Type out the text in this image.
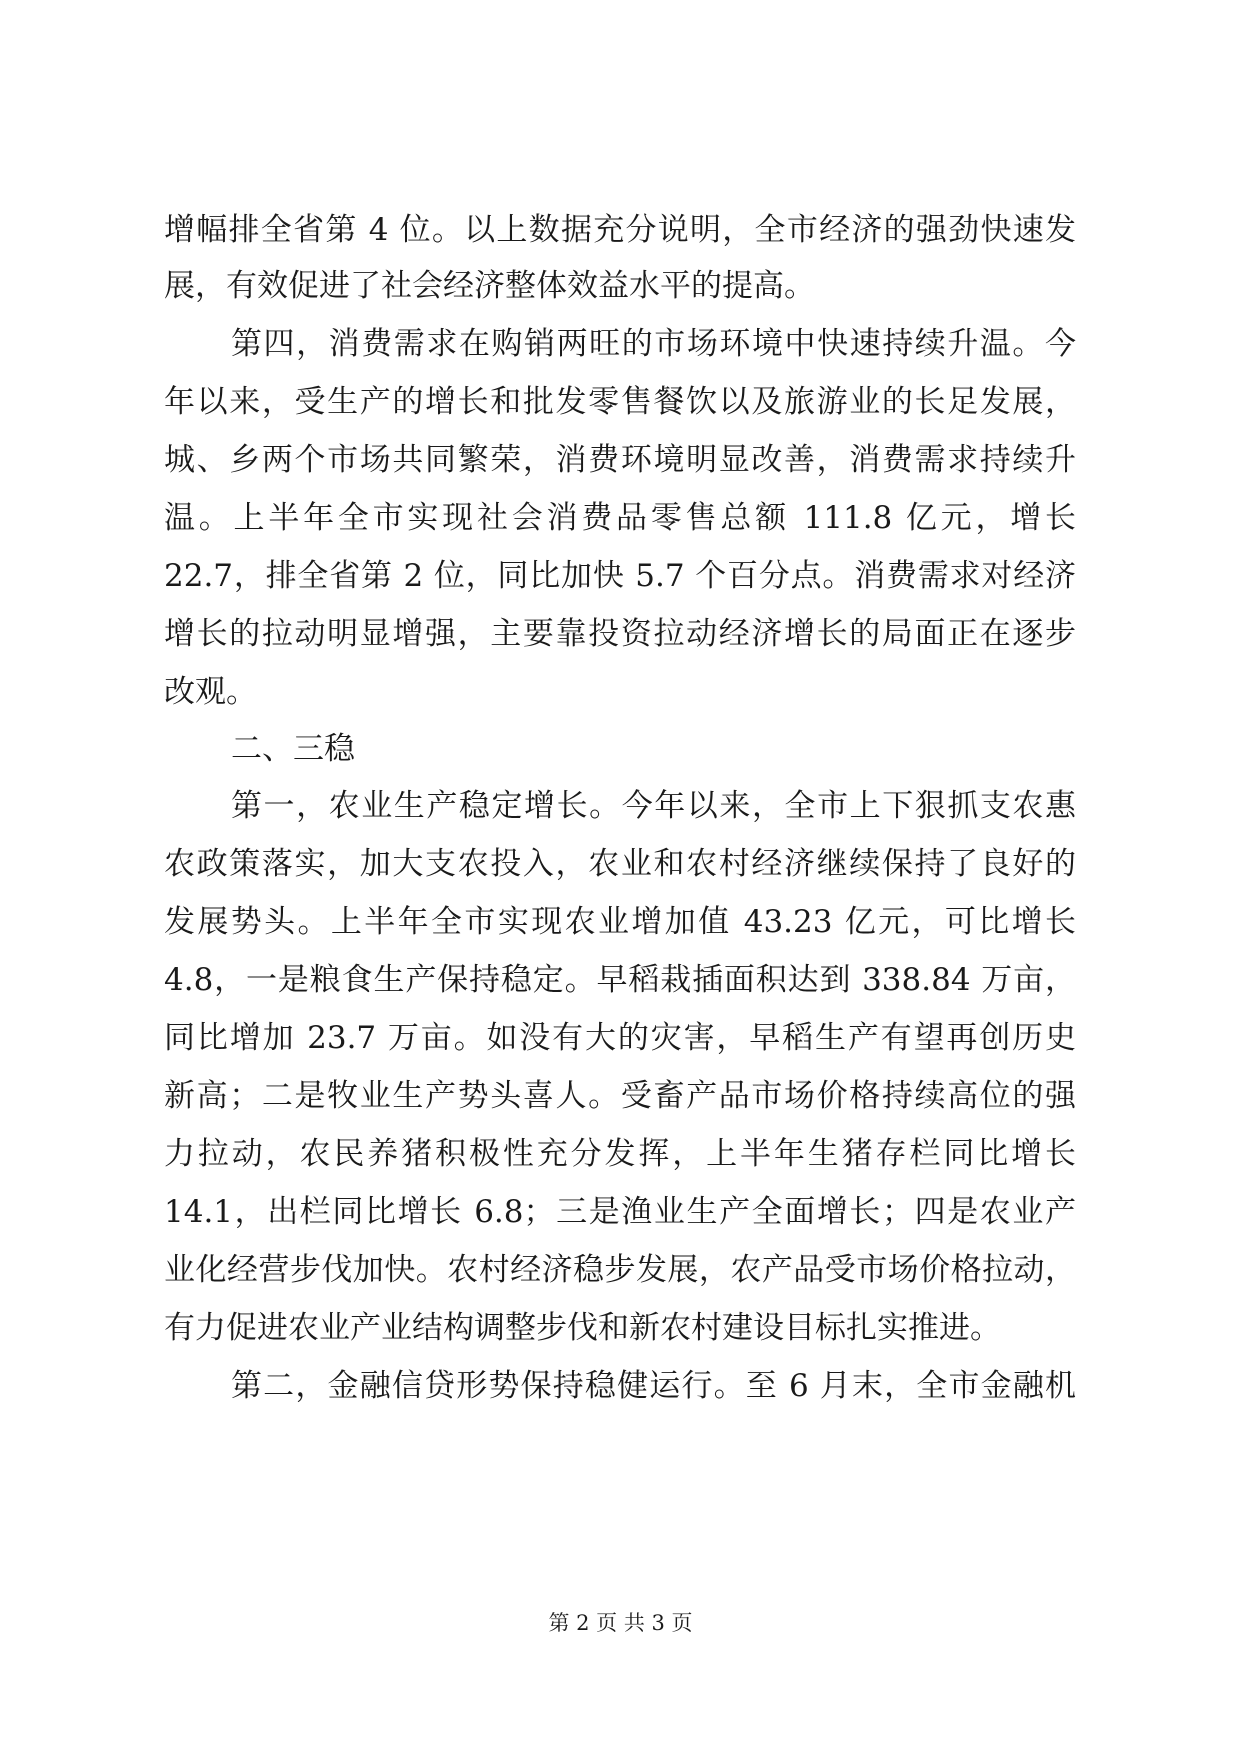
增幅排全省第 4 位。以上数据充分说明，全市经济的强劲快速发
展，有效促进了社会经济整体效益水平的提高。
第四，消费需求在购销两旺的市场环境中快速持续升温。今
年以来，受生产的增长和批发零售餐饮以及旅游业的长足发展，
城、乡两个市场共同繁荣，消费环境明显改善，消费需求持续升
温。上半年全市实现社会消费品零售总额 111.8 亿元，增长
22.7，排全省第 2 位，同比加快 5.7 个百分点。消费需求对经济
增长的拉动明显增强，主要靠投资拉动经济增长的局面正在逐步
改观。
二、三稳
第一，农业生产稳定增长。今年以来，全市上下狠抓支农惠
农政策落实，加大支农投入，农业和农村经济继续保持了良好的
发展势头。上半年全市实现农业增加值 43.23 亿元，可比增长
4.8，一是粮食生产保持稳定。早稻栽插面积达到 338.84 万亩，
同比增加 23.7 万亩。如没有大的灾害，早稻生产有望再创历史
新高；二是牧业生产势头喜人。受畜产品市场价格持续高位的强
力拉动，农民养猪积极性充分发挥，上半年生猪存栏同比增长
14.1，出栏同比增长 6.8；三是渔业生产全面增长；四是农业产
业化经营步伐加快。农村经济稳步发展，农产品受市场价格拉动，
有力促进农业产业结构调整步伐和新农村建设目标扎实推进。
第二，金融信贷形势保持稳健运行。至 6 月末，全市金融机
第 2 页 共 3 页
